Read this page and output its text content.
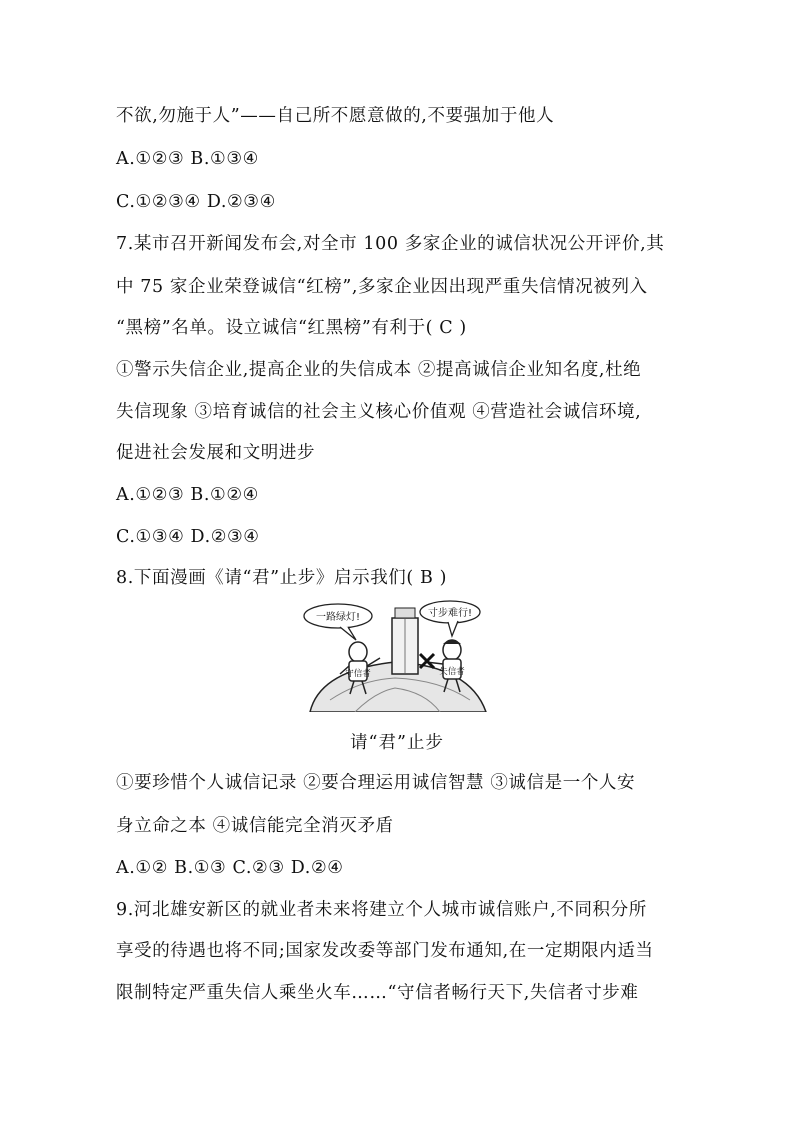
不欲,勿施于人”——自己所不愿意做的,不要强加于他人
A.①②③ B.①③④
C.①②③④ D.②③④
7.某市召开新闻发布会,对全市 100 多家企业的诚信状况公开评价,其
中 75 家企业荣登诚信“红榜”,多家企业因出现严重失信情况被列入
“黑榜”名单。设立诚信“红黑榜”有利于( C )
①警示失信企业,提高企业的失信成本 ②提高诚信企业知名度,杜绝
失信现象 ③培育诚信的社会主义核心价值观 ④营造社会诚信环境,
促进社会发展和文明进步
A.①②③ B.①②④
C.①③④ D.②③④
8.下面漫画《请“君”止步》启示我们( B )
一路绿灯!	寸步难行!
守信者	失信者
请“君”止步
①要珍惜个人诚信记录 ②要合理运用诚信智慧 ③诚信是一个人安
身立命之本 ④诚信能完全消灭矛盾
A.①② B.①③ C.②③ D.②④
9.河北雄安新区的就业者未来将建立个人城市诚信账户,不同积分所
享受的待遇也将不同;国家发改委等部门发布通知,在一定期限内适当
限制特定严重失信人乘坐火车……“守信者畅行天下,失信者寸步难
